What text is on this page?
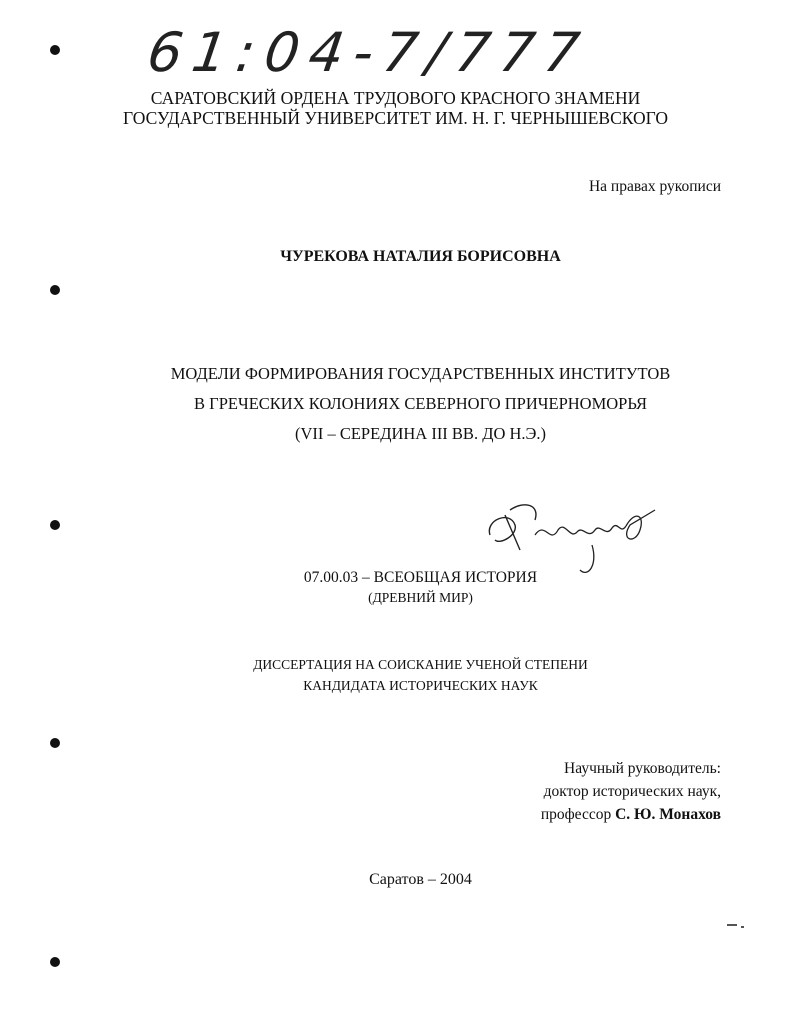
61:04-7/777
САРАТОВСКИЙ ОРДЕНА ТРУДОВОГО КРАСНОГО ЗНАМЕНИ
ГОСУДАРСТВЕННЫЙ УНИВЕРСИТЕТ ИМ. Н. Г. ЧЕРНЫШЕВСКОГО
На правах рукописи
ЧУРЕКОВА НАТАЛИЯ БОРИСОВНА
МОДЕЛИ ФОРМИРОВАНИЯ ГОСУДАРСТВЕННЫХ ИНСТИТУТОВ
В ГРЕЧЕСКИХ КОЛОНИЯХ СЕВЕРНОГО ПРИЧЕРНОМОРЬЯ
(VII – СЕРЕДИНА III ВВ. ДО Н.Э.)
07.00.03 – ВСЕОБЩАЯ ИСТОРИЯ
(ДРЕВНИЙ МИР)
ДИССЕРТАЦИЯ НА СОИСКАНИЕ УЧЕНОЙ СТЕПЕНИ
КАНДИДАТА ИСТОРИЧЕСКИХ НАУК
Научный руководитель:
доктор исторических наук,
профессор С. Ю. Монахов
Саратов – 2004
